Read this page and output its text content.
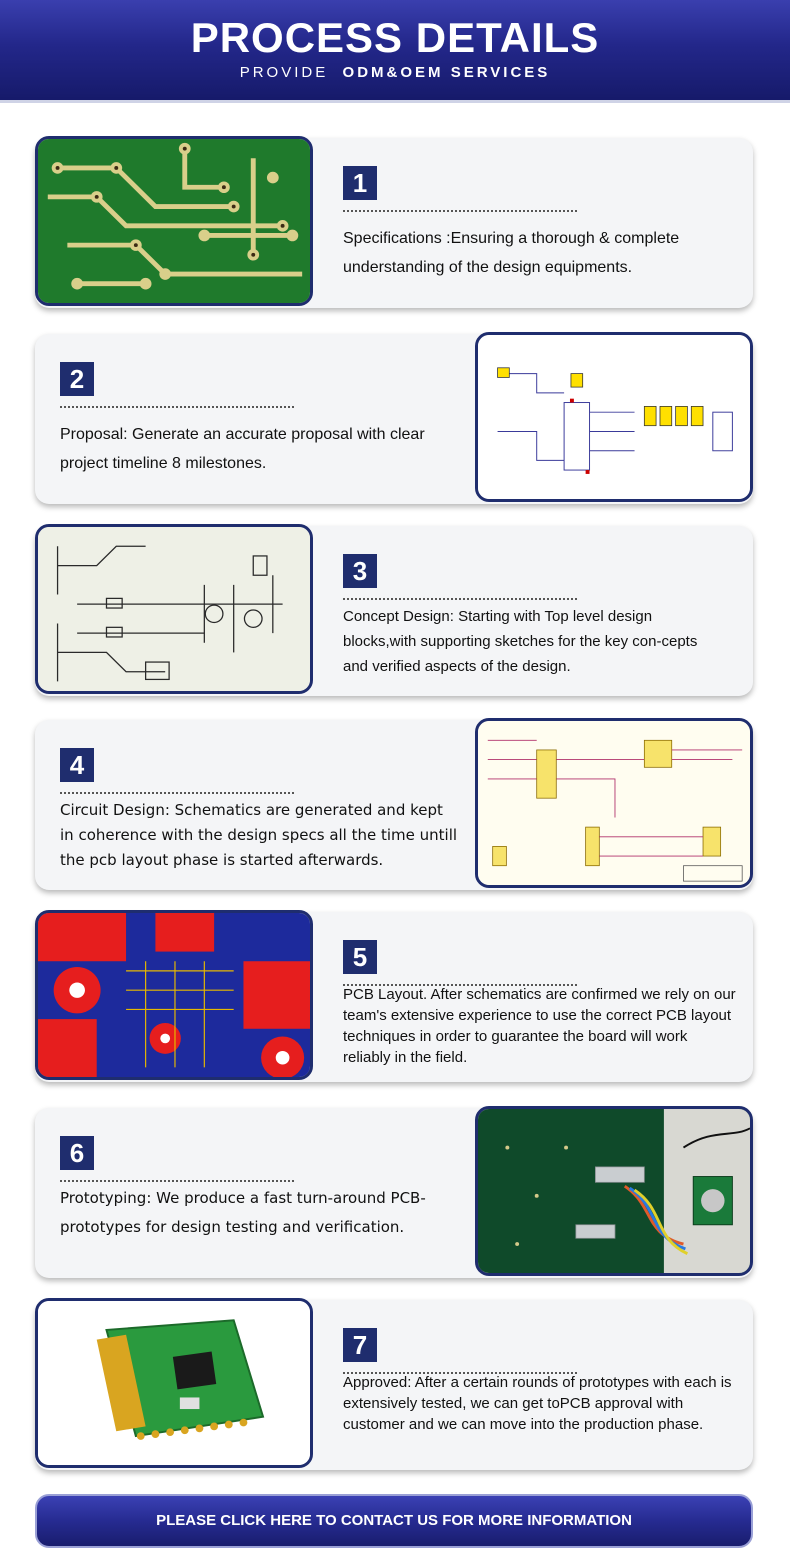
PROCESS DETAILS
PROVIDE ODM&OEM SERVICES
1
Specifications :Ensuring a thorough & complete understanding of the design equipments.
2
Proposal: Generate an accurate proposal with clear project timeline 8 milestones.
3
Concept Design: Starting with Top level design blocks,with supporting sketches for the key con-cepts and verified aspects of the design.
4
Circuit Design: Schematics are generated and kept in coherence with the design specs all the time untill the pcb layout phase is started afterwards.
5
PCB Layout. After schematics are confirmed we rely on our team's extensive experience to use the correct PCB layout techniques in order to guarantee the board will work reliably in the field.
6
Prototyping: We produce a fast turn-around PCB-prototypes for design testing and verification.
7
Approved: After a certain rounds of prototypes with each is extensively tested, we can get toPCB approval with customer and we can move into the production phase.
PLEASE CLICK HERE TO CONTACT US FOR MORE INFORMATION
